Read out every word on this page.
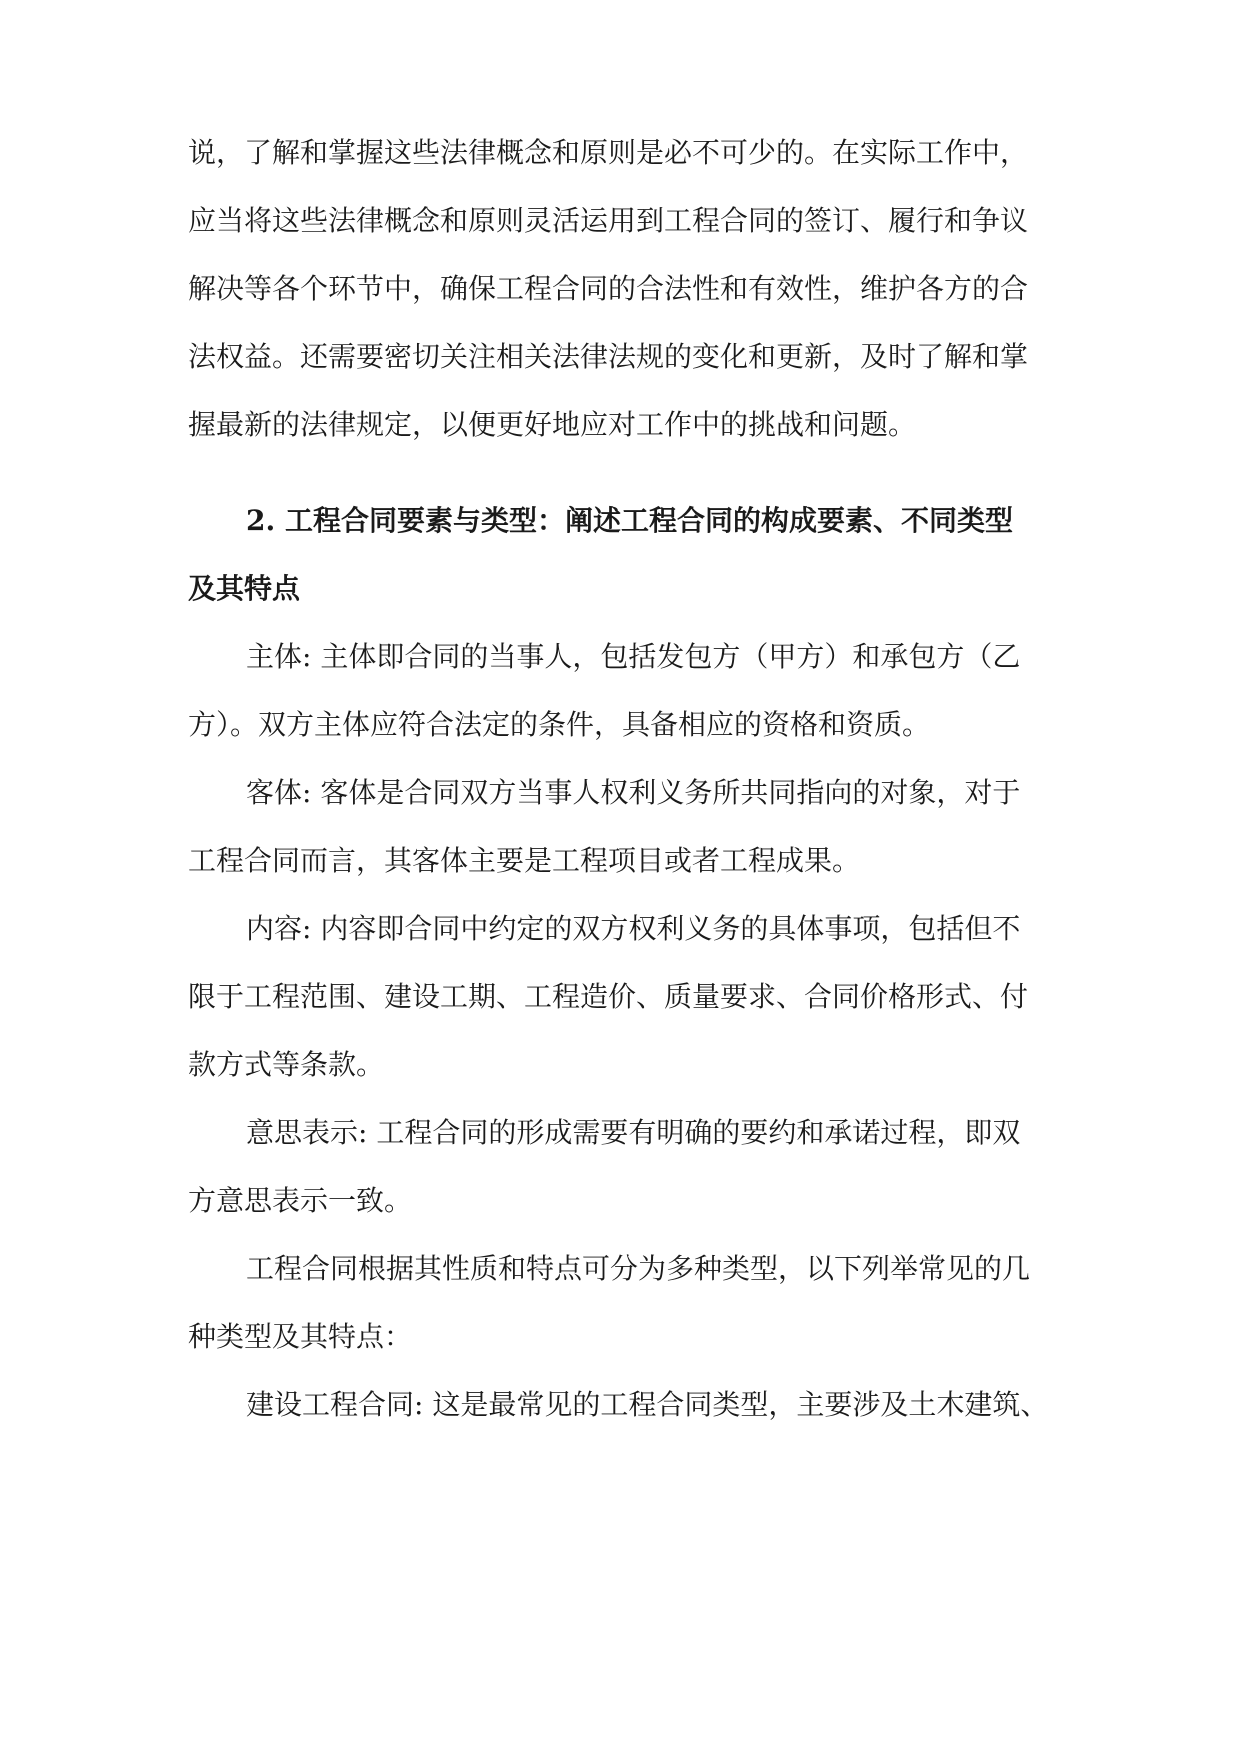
说，了解和掌握这些法律概念和原则是必不可少的。在实际工作中，
应当将这些法律概念和原则灵活运用到工程合同的签订、履行和争议
解决等各个环节中，确保工程合同的合法性和有效性，维护各方的合
法权益。还需要密切关注相关法律法规的变化和更新，及时了解和掌
握最新的法律规定，以便更好地应对工作中的挑战和问题。
2. 工程合同要素与类型：阐述工程合同的构成要素、不同类型
及其特点
主体: 主体即合同的当事人，包括发包方（甲方）和承包方（乙
方）。双方主体应符合法定的条件，具备相应的资格和资质。
客体: 客体是合同双方当事人权利义务所共同指向的对象，对于
工程合同而言，其客体主要是工程项目或者工程成果。
内容: 内容即合同中约定的双方权利义务的具体事项，包括但不
限于工程范围、建设工期、工程造价、质量要求、合同价格形式、付
款方式等条款。
意思表示: 工程合同的形成需要有明确的要约和承诺过程，即双
方意思表示一致。
工程合同根据其性质和特点可分为多种类型，以下列举常见的几
种类型及其特点：
建设工程合同: 这是最常见的工程合同类型，主要涉及土木建筑、
